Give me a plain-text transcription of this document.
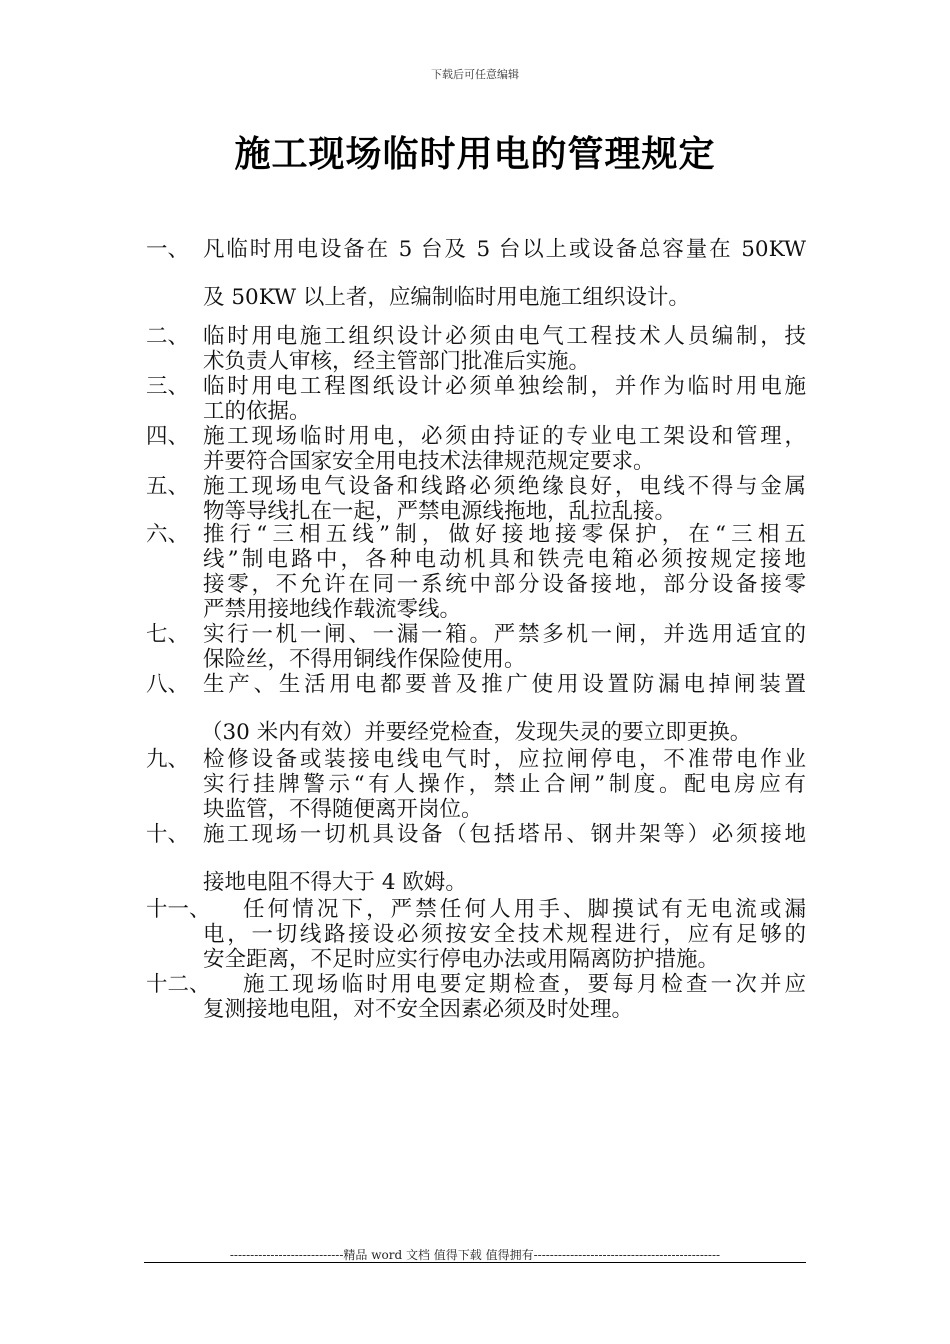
下载后可任意编辑
施工现场临时用电的管理规定
一、 凡临时用电设备在 5 台及 5 台以上或设备总容量在 50KW

及 50KW 以上者，应编制临时用电施工组织设计。

二、 临时用电施工组织设计必须由电气工程技术人员编制，技

术负责人审核，经主管部门批准后实施。

三、 临时用电工程图纸设计必须单独绘制，并作为临时用电施

工的依据。

四、 施工现场临时用电，必须由持证的专业电工架设和管理，

并要符合国家安全用电技术法律规范规定要求。

五、 施工现场电气设备和线路必须绝缘良好，电线不得与金属

物等导线扎在一起，严禁电源线拖地，乱拉乱接。

六、 推行“三相五线”制，做好接地接零保护，在“三相五

线”制电路中，各种电动机具和铁壳电箱必须按规定接地

接零，不允许在同一系统中部分设备接地，部分设备接零

严禁用接地线作载流零线。

七、 实行一机一闸、一漏一箱。严禁多机一闸，并选用适宜的

保险丝，不得用铜线作保险使用。

八、 生产、生活用电都要普及推广使用设置防漏电掉闸装置

（30 米内有效）并要经党检查，发现失灵的要立即更换。

九、 检修设备或装接电线电气时，应拉闸停电，不准带电作业

实行挂牌警示“有人操作，禁止合闸”制度。配电房应有

块监管，不得随便离开岗位。

十、 施工现场一切机具设备（包括塔吊、钢井架等）必须接地

接地电阻不得大于 4 欧姆。

十一、	任何情况下，严禁任何人用手、脚摸试有无电流或漏

电，一切线路接设必须按安全技术规程进行，应有足够的

安全距离，不足时应实行停电办法或用隔离防护措施。

十二、	施工现场临时用电要定期检查，要每月检查一次并应

复测接地电阻，对不安全因素必须及时处理。

----------------------------精品 word 文档 值得下载 值得拥有----------------------------------------------
